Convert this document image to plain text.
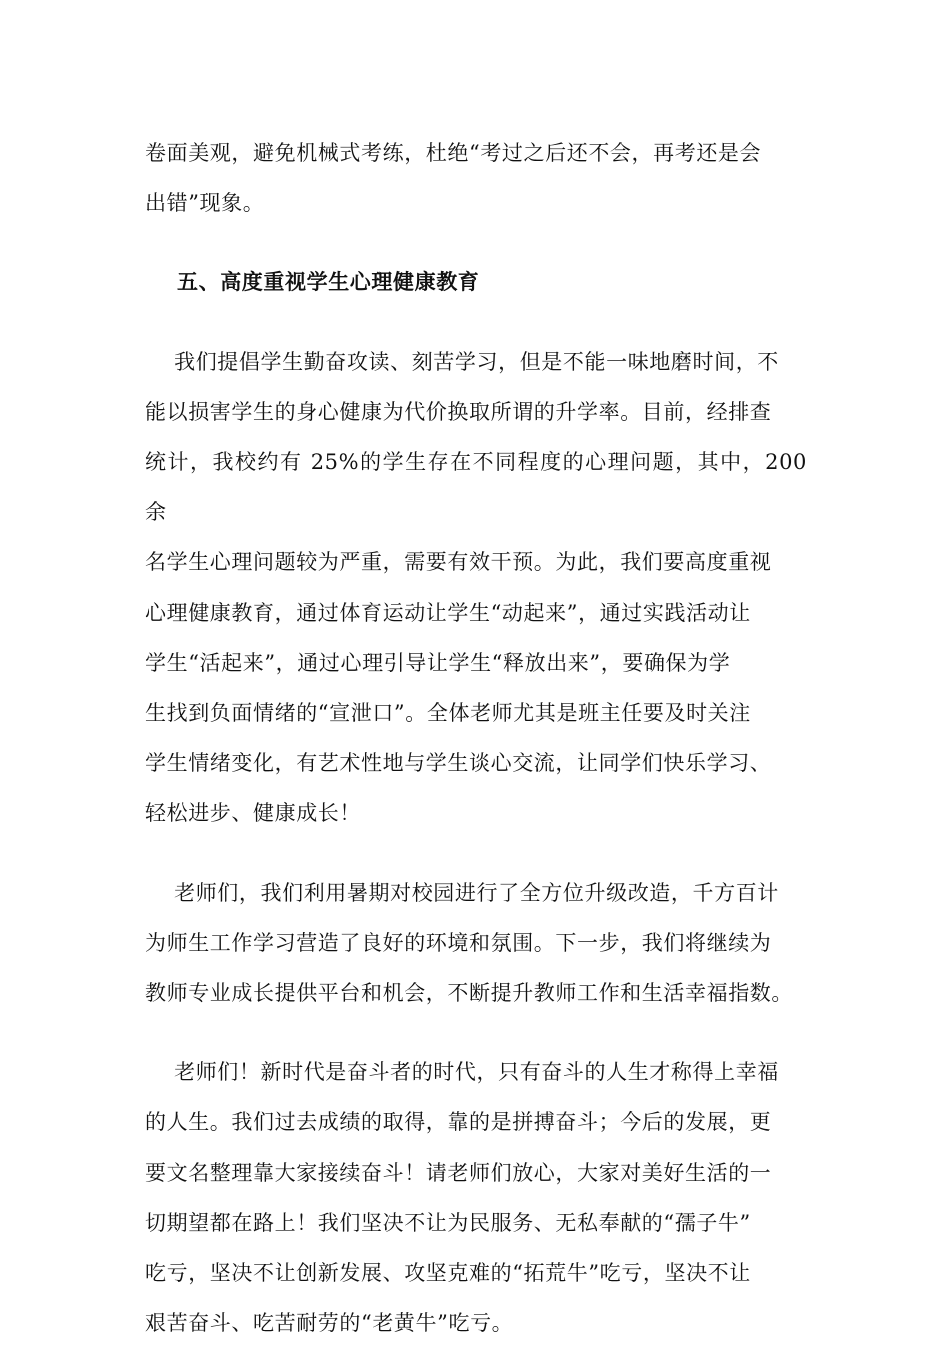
卷面美观，避免机械式考练，杜绝“考过之后还不会，再考还是会
出错”现象。

五、高度重视学生心理健康教育

我们提倡学生勤奋攻读、刻苦学习，但是不能一味地磨时间，不
能以损害学生的身心健康为代价换取所谓的升学率。目前，经排查
统计，我校约有 25%的学生存在不同程度的心理问题，其中，200 余
名学生心理问题较为严重，需要有效干预。为此，我们要高度重视
心理健康教育，通过体育运动让学生“动起来”，通过实践活动让
学生“活起来”，通过心理引导让学生“释放出来”，要确保为学
生找到负面情绪的“宣泄口”。全体老师尤其是班主任要及时关注
学生情绪变化，有艺术性地与学生谈心交流，让同学们快乐学习、
轻松进步、健康成长！

老师们，我们利用暑期对校园进行了全方位升级改造，千方百计
为师生工作学习营造了良好的环境和氛围。下一步，我们将继续为
教师专业成长提供平台和机会，不断提升教师工作和生活幸福指数。

老师们！新时代是奋斗者的时代，只有奋斗的人生才称得上幸福
的人生。我们过去成绩的取得，靠的是拼搏奋斗；今后的发展，更
要文名整理靠大家接续奋斗！请老师们放心，大家对美好生活的一
切期望都在路上！我们坚决不让为民服务、无私奉献的“孺子牛”
吃亏，坚决不让创新发展、攻坚克难的“拓荒牛”吃亏，坚决不让
艰苦奋斗、吃苦耐劳的“老黄牛”吃亏。
